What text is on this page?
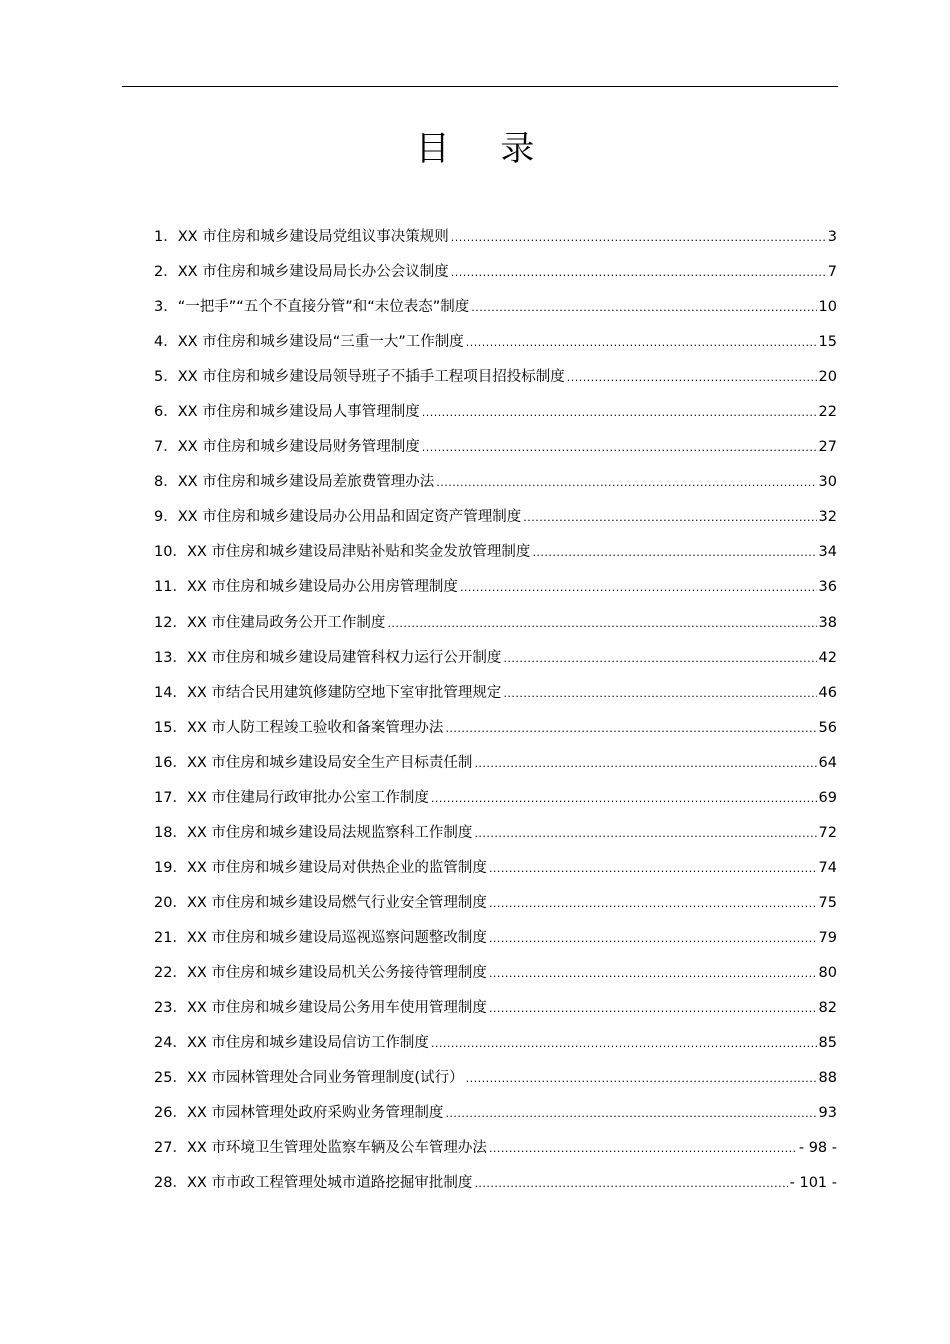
目 录
1．XX 市住房和城乡建设局党组议事决策规则 .....	3
2．XX 市住房和城乡建设局局长办公会议制度 .....	7
3．“一把手”“五个不直接分管”和“末位表态”制度 .....	10
4．XX 市住房和城乡建设局“三重一大”工作制度 .....	15
5．XX 市住房和城乡建设局领导班子不插手工程项目招投标制度 .....	20
6．XX 市住房和城乡建设局人事管理制度 .....	22
7．XX 市住房和城乡建设局财务管理制度 .....	27
8．XX 市住房和城乡建设局差旅费管理办法 .....	30
9．XX 市住房和城乡建设局办公用品和固定资产管理制度 .....	32
10．XX 市住房和城乡建设局津贴补贴和奖金发放管理制度 .....	34
11．XX 市住房和城乡建设局办公用房管理制度 .....	36
12．XX 市住建局政务公开工作制度 .....	38
13．XX 市住房和城乡建设局建管科权力运行公开制度 .....	42
14．XX 市结合民用建筑修建防空地下室审批管理规定 .....	46
15．XX 市人防工程竣工验收和备案管理办法 .....	56
16．XX 市住房和城乡建设局安全生产目标责任制 .....	64
17．XX 市住建局行政审批办公室工作制度 .....	69
18．XX 市住房和城乡建设局法规监察科工作制度 .....	72
19．XX 市住房和城乡建设局对供热企业的监管制度 .....	74
20．XX 市住房和城乡建设局燃气行业安全管理制度 .....	75
21．XX 市住房和城乡建设局巡视巡察问题整改制度 .....	79
22．XX 市住房和城乡建设局机关公务接待管理制度 .....	80
23．XX 市住房和城乡建设局公务用车使用管理制度 .....	82
24．XX 市住房和城乡建设局信访工作制度 .....	85
25．XX 市园林管理处合同业务管理制度(试行） .....	88
26．XX 市园林管理处政府采购业务管理制度 .....	93
27．XX 市环境卫生管理处监察车辆及公车管理办法 .....	- 98 -
28．XX 市市政工程管理处城市道路挖掘审批制度 .....	- 101 -
